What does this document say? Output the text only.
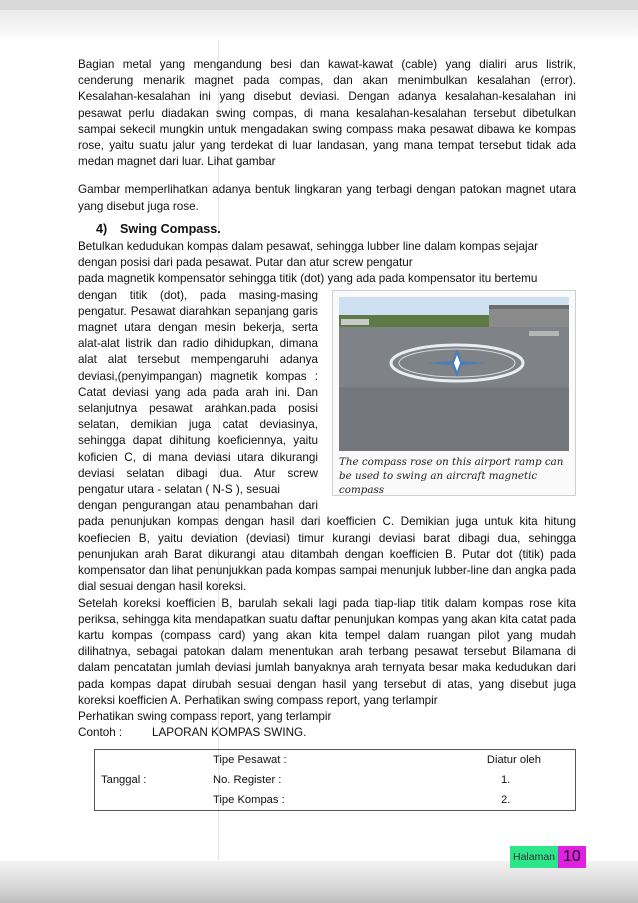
Bagian metal yang mengandung besi dan kawat-kawat (cable) yang dialiri arus listrik, cenderung menarik magnet pada compas, dan akan menimbulkan kesalahan (error). Kesalahan-kesalahan ini yang disebut deviasi. Dengan adanya kesalahan-kesalahan ini pesawat perlu diadakan swing compas, di mana kesalahan-kesalahan tersebut dibetulkan sampai sekecil mungkin untuk mengadakan swing compass maka pesawat dibawa ke kompas rose, yaitu suatu jalur yang terdekat di luar landasan, yang mana tempat tersebut tidak ada medan magnet dari luar. Lihat gambar

Gambar memperlihatkan adanya bentuk lingkaran yang terbagi dengan patokan magnet utara yang disebut juga rose.

4) Swing Compass.

Betulkan kedudukan kompas dalam pesawat, sehingga lubber line dalam kompas sejajar

dengan posisi dari pada pesawat. Putar dan atur screw pengatur

pada magnetik kompensator sehingga titik (dot) yang ada pada kompensator itu bertemu

The compass rose on this airport ramp can be used to swing an aircraft magnetic compass

dengan titik (dot), pada masing-masing pengatur. Pesawat diarahkan sepanjang garis magnet utara dengan mesin bekerja, serta alat-alat listrik dan radio dihidupkan, dimana alat alat tersebut mempengaruhi adanya deviasi,(penyimpangan) magnetik kompas : Catat deviasi yang ada pada arah ini. Dan selanjutnya pesawat arahkan.pada posisi selatan, demikian juga catat deviasinya, sehingga dapat dihitung koeficiennya, yaitu koficien C, di mana deviasi utara dikurangi deviasi selatan dibagi dua. Atur screw pengatur utara - selatan ( N-S ), sesuai

dengan pengurangan atau penambahan dari pada penunjukan kompas dengan hasil dari koefficien C. Demikian juga untuk kita hitung koefiecien B, yaitu deviation (deviasi) timur kurangi deviasi barat dibagi dua, sehingga penunjukan arah Barat dikurangi atau ditambah dengan koefficien B. Putar dot (titik) pada kompensator dan lihat penunjukkan pada kompas sampai menunjuk lubber-line dan angka pada dial sesuai dengan hasil koreksi.

Setelah koreksi koefficien B, barulah sekali lagi pada tiap-liap titik dalam kompas rose kita periksa, sehingga kita mendapatkan suatu daftar penunjukan kompas yang akan kita catat pada kartu kompas (compass card) yang akan kita tempel dalam ruangan pilot yang mudah dilihatnya, sebagai patokan dalam menentukan arah terbang pesawat tersebut Bilamana di dalam pencatatan jumlah deviasi jumlah banyaknya arah ternyata besar maka kedudukan dari pada kompas dapat dirubah sesuai dengan hasil yang tersebut di atas, yang disebut juga koreksi koefficien A. Perhatikan swing compass report, yang terlampir

Perhatikan swing compass report, yang terlampir

Contoh :	LAPORAN KOMPAS SWING.

	Tipe Pesawat :		Diatur oleh
Tanggal :	No. Register :		1.
	Tipe Kompas :		2.
Halaman 10
